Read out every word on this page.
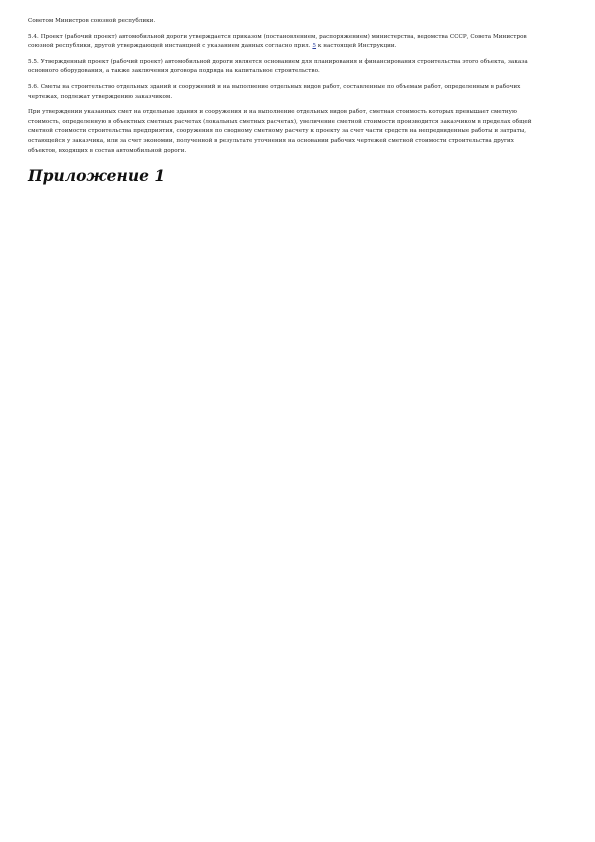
Советом Министров союзной республики.

5.4. Проект (рабочий проект) автомобильной дороги утверждается приказом (постановлением, распоряжением) министерства, ведомства СССР, Совета Министров союзной республики, другой утверждающей инстанцией с указанием данных согласно прил. 5 к настоящей Инструкции.

5.5. Утвержденный проект (рабочий проект) автомобильной дороги является основанием для планирования и финансирования строительства этого объекта, заказа основного оборудования, а также заключения договора подряда на капитальное строительство.

5.6. Сметы на строительство отдельных зданий и сооружений и на выполнение отдельных видов работ, составленные по объемам работ, определенным в рабочих чертежах, подлежат утверждению заказчиком.

При утверждении указанных смет на отдельные здания и сооружения и на выполнение отдельных видов работ, сметная стоимость которых превышает сметную стоимость, определенную в объектных сметных расчетах (локальных сметных расчетах), увеличение сметной стоимости производится заказчиком в пределах общей сметной стоимости строительства предприятия, сооружения по сводному сметному расчету к проекту за счет части средств на непредвиденные работы и затраты, остающейся у заказчика, или за счет экономии, полученной в результате уточнения на основании рабочих чертежей сметной стоимости строительства других объектов, входящих в состав автомобильной дороги.

Приложение 1
